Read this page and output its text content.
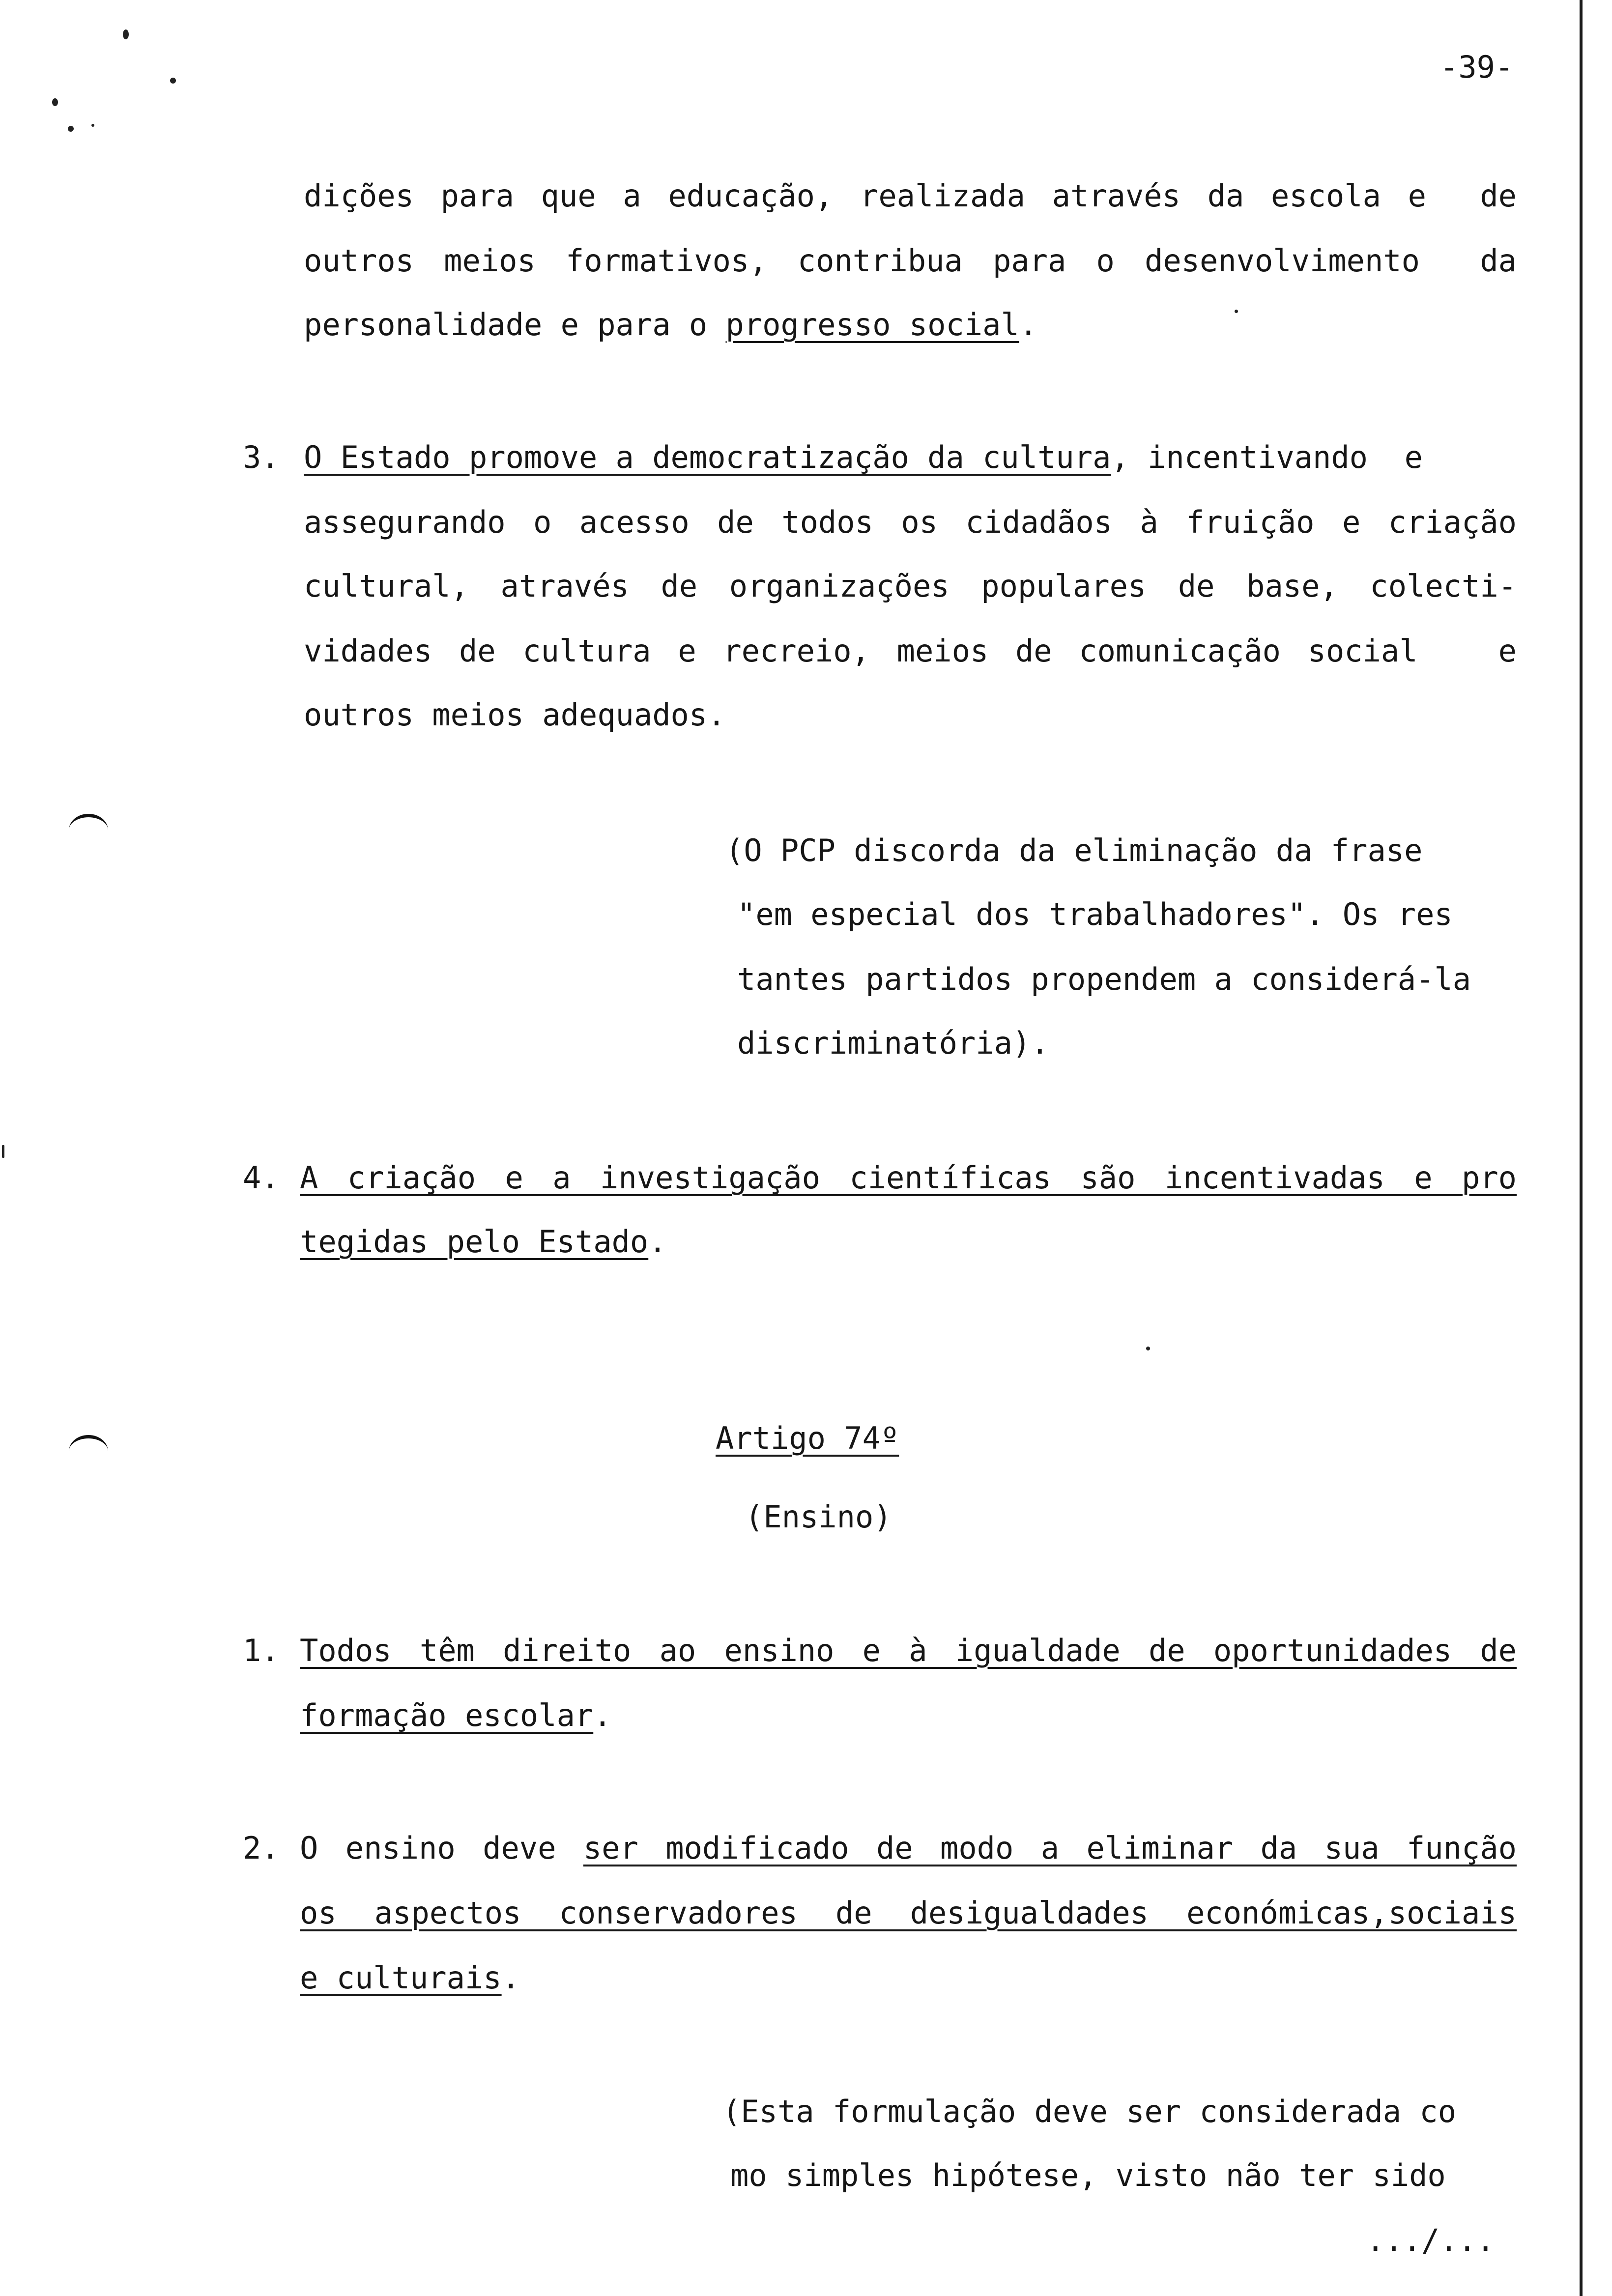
-39-

dições para que a educação, realizada através da escola e  de

outros meios formativos, contribua para o desenvolvimento  da

personalidade e para o progresso social.

3. O Estado promove a democratização da cultura, incentivando  e

assegurando o acesso de todos os cidadãos à fruição e criação

cultural, através de organizações populares de base, colecti-

vidades de cultura e recreio, meios de comunicação social   e

outros meios adequados.

(O PCP discorda da eliminação da frase

"em especial dos trabalhadores". Os res

tantes partidos propendem a considerá-la

discriminatória).

4. A criação e a investigação científicas são incentivadas e pro

tegidas pelo Estado.

Artigo 74º

(Ensino)

1. Todos têm direito ao ensino e à igualdade de oportunidades de

formação escolar.

2. O ensino deve ser modificado de modo a eliminar da sua função

os aspectos conservadores de desigualdades económicas,sociais

e culturais.

(Esta formulação deve ser considerada co

mo simples hipótese, visto não ter sido

.../...
